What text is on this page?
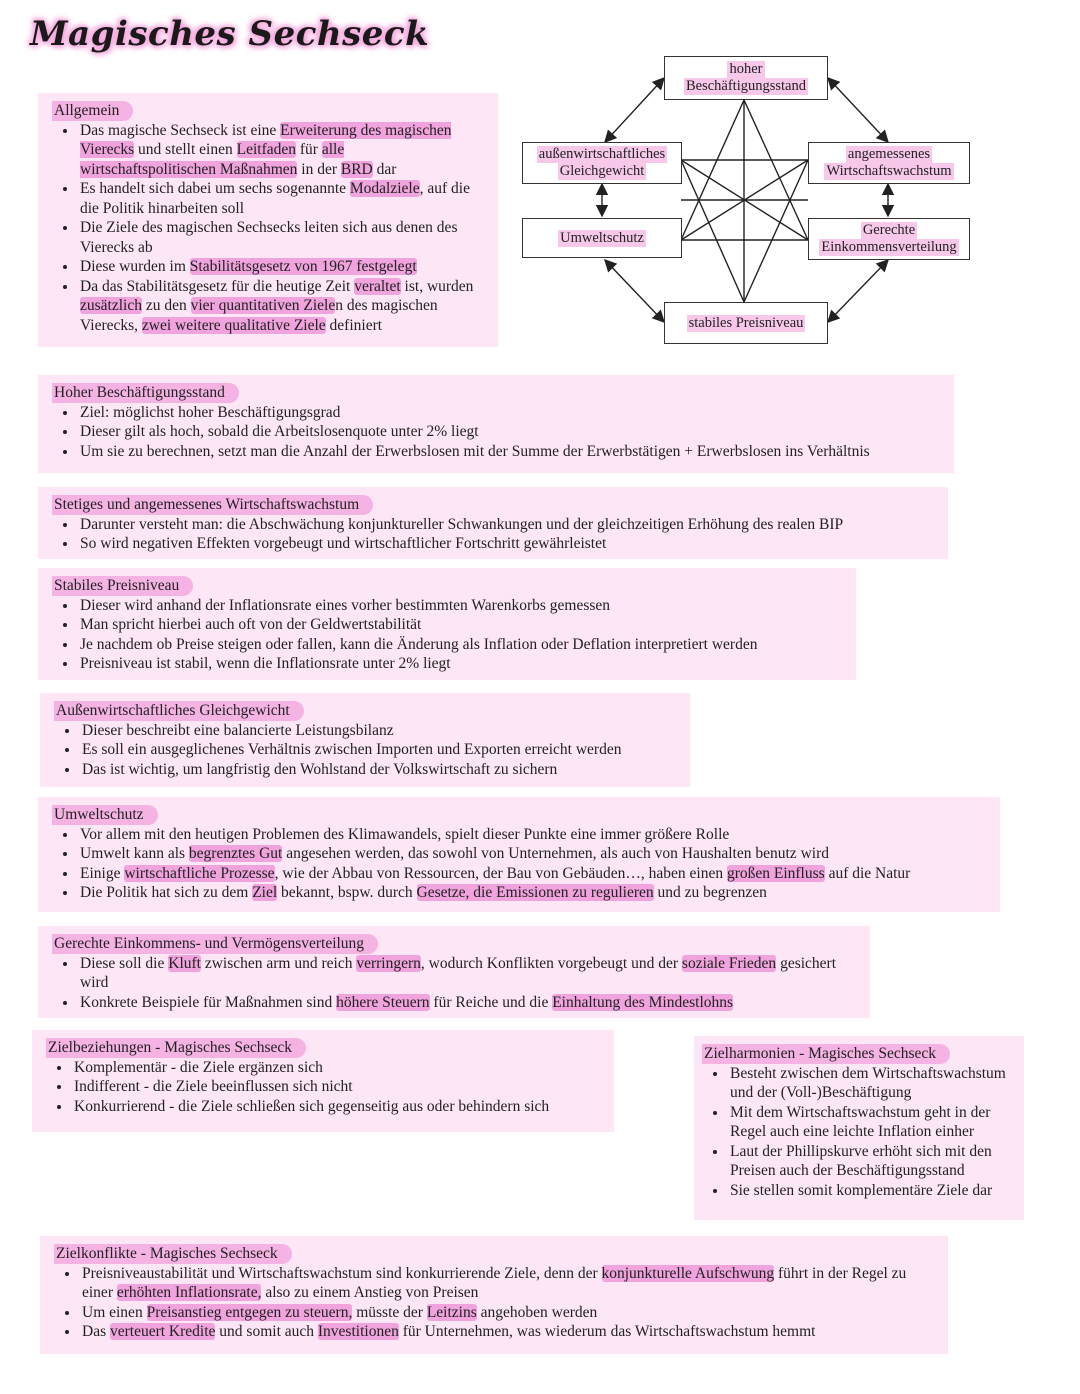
Magisches Sechseck
hoher
Beschäftigungsstand
außenwirtschaftliches
Gleichgewicht
Umweltschutz
angemessenes
Wirtschaftswachstum
Gerechte
Einkommensverteilung
stabiles Preisniveau
Allgemein
• Das magische Sechseck ist eine Erweiterung des magischen Vierecks und stellt einen Leitfaden für alle wirtschaftspolitischen Maßnahmen in der BRD dar
• Es handelt sich dabei um sechs sogenannte Modalziele, auf die die Politik hinarbeiten soll
• Die Ziele des magischen Sechsecks leiten sich aus denen des Vierecks ab
• Diese wurden im Stabilitätsgesetz von 1967 festgelegt
• Da das Stabilitätsgesetz für die heutige Zeit veraltet ist, wurden zusätzlich zu den vier quantitativen Zielen des magischen Vierecks, zwei weitere qualitative Ziele definiert
Hoher Beschäftigungsstand
• Ziel: möglichst hoher Beschäftigungsgrad
• Dieser gilt als hoch, sobald die Arbeitslosenquote unter 2% liegt
• Um sie zu berechnen, setzt man die Anzahl der Erwerbslosen mit der Summe der Erwerbstätigen + Erwerbslosen ins Verhältnis
Stetiges und angemessenes Wirtschaftswachstum
• Darunter versteht man: die Abschwächung konjunktureller Schwankungen und der gleichzeitigen Erhöhung des realen BIP
• So wird negativen Effekten vorgebeugt und wirtschaftlicher Fortschritt gewährleistet
Stabiles Preisniveau
• Dieser wird anhand der Inflationsrate eines vorher bestimmten Warenkorbs gemessen
• Man spricht hierbei auch oft von der Geldwertstabilität
• Je nachdem ob Preise steigen oder fallen, kann die Änderung als Inflation oder Deflation interpretiert werden
• Preisniveau ist stabil, wenn die Inflationsrate unter 2% liegt
Außenwirtschaftliches Gleichgewicht
• Dieser beschreibt eine balancierte Leistungsbilanz
• Es soll ein ausgeglichenes Verhältnis zwischen Importen und Exporten erreicht werden
• Das ist wichtig, um langfristig den Wohlstand der Volkswirtschaft zu sichern
Umweltschutz
• Vor allem mit den heutigen Problemen des Klimawandels, spielt dieser Punkte eine immer größere Rolle
• Umwelt kann als begrenztes Gut angesehen werden, das sowohl von Unternehmen, als auch von Haushalten benutz wird
• Einige wirtschaftliche Prozesse, wie der Abbau von Ressourcen, der Bau von Gebäuden…, haben einen großen Einfluss auf die Natur
• Die Politik hat sich zu dem Ziel bekannt, bspw. durch Gesetze, die Emissionen zu regulieren und zu begrenzen
Gerechte Einkommens- und Vermögensverteilung
• Diese soll die Kluft zwischen arm und reich verringern, wodurch Konflikten vorgebeugt und der soziale Frieden gesichert wird
• Konkrete Beispiele für Maßnahmen sind höhere Steuern für Reiche und die Einhaltung des Mindestlohns
Zielbeziehungen - Magisches Sechseck
• Komplementär - die Ziele ergänzen sich
• Indifferent - die Ziele beeinflussen sich nicht
• Konkurrierend - die Ziele schließen sich gegenseitig aus oder behindern sich
Zielharmonien - Magisches Sechseck
• Besteht zwischen dem Wirtschaftswachstum und der (Voll-)Beschäftigung
• Mit dem Wirtschaftswachstum geht in der Regel auch eine leichte Inflation einher
• Laut der Phillipskurve erhöht sich mit den Preisen auch der Beschäftigungsstand
• Sie stellen somit komplementäre Ziele dar
Zielkonflikte - Magisches Sechseck
• Preisniveaustabilität und Wirtschaftswachstum sind konkurrierende Ziele, denn der konjunkturelle Aufschwung führt in der Regel zu einer erhöhten Inflationsrate, also zu einem Anstieg von Preisen
• Um einen Preisanstieg entgegen zu steuern, müsste der Leitzins angehoben werden
• Das verteuert Kredite und somit auch Investitionen für Unternehmen, was wiederum das Wirtschaftswachstum hemmt
